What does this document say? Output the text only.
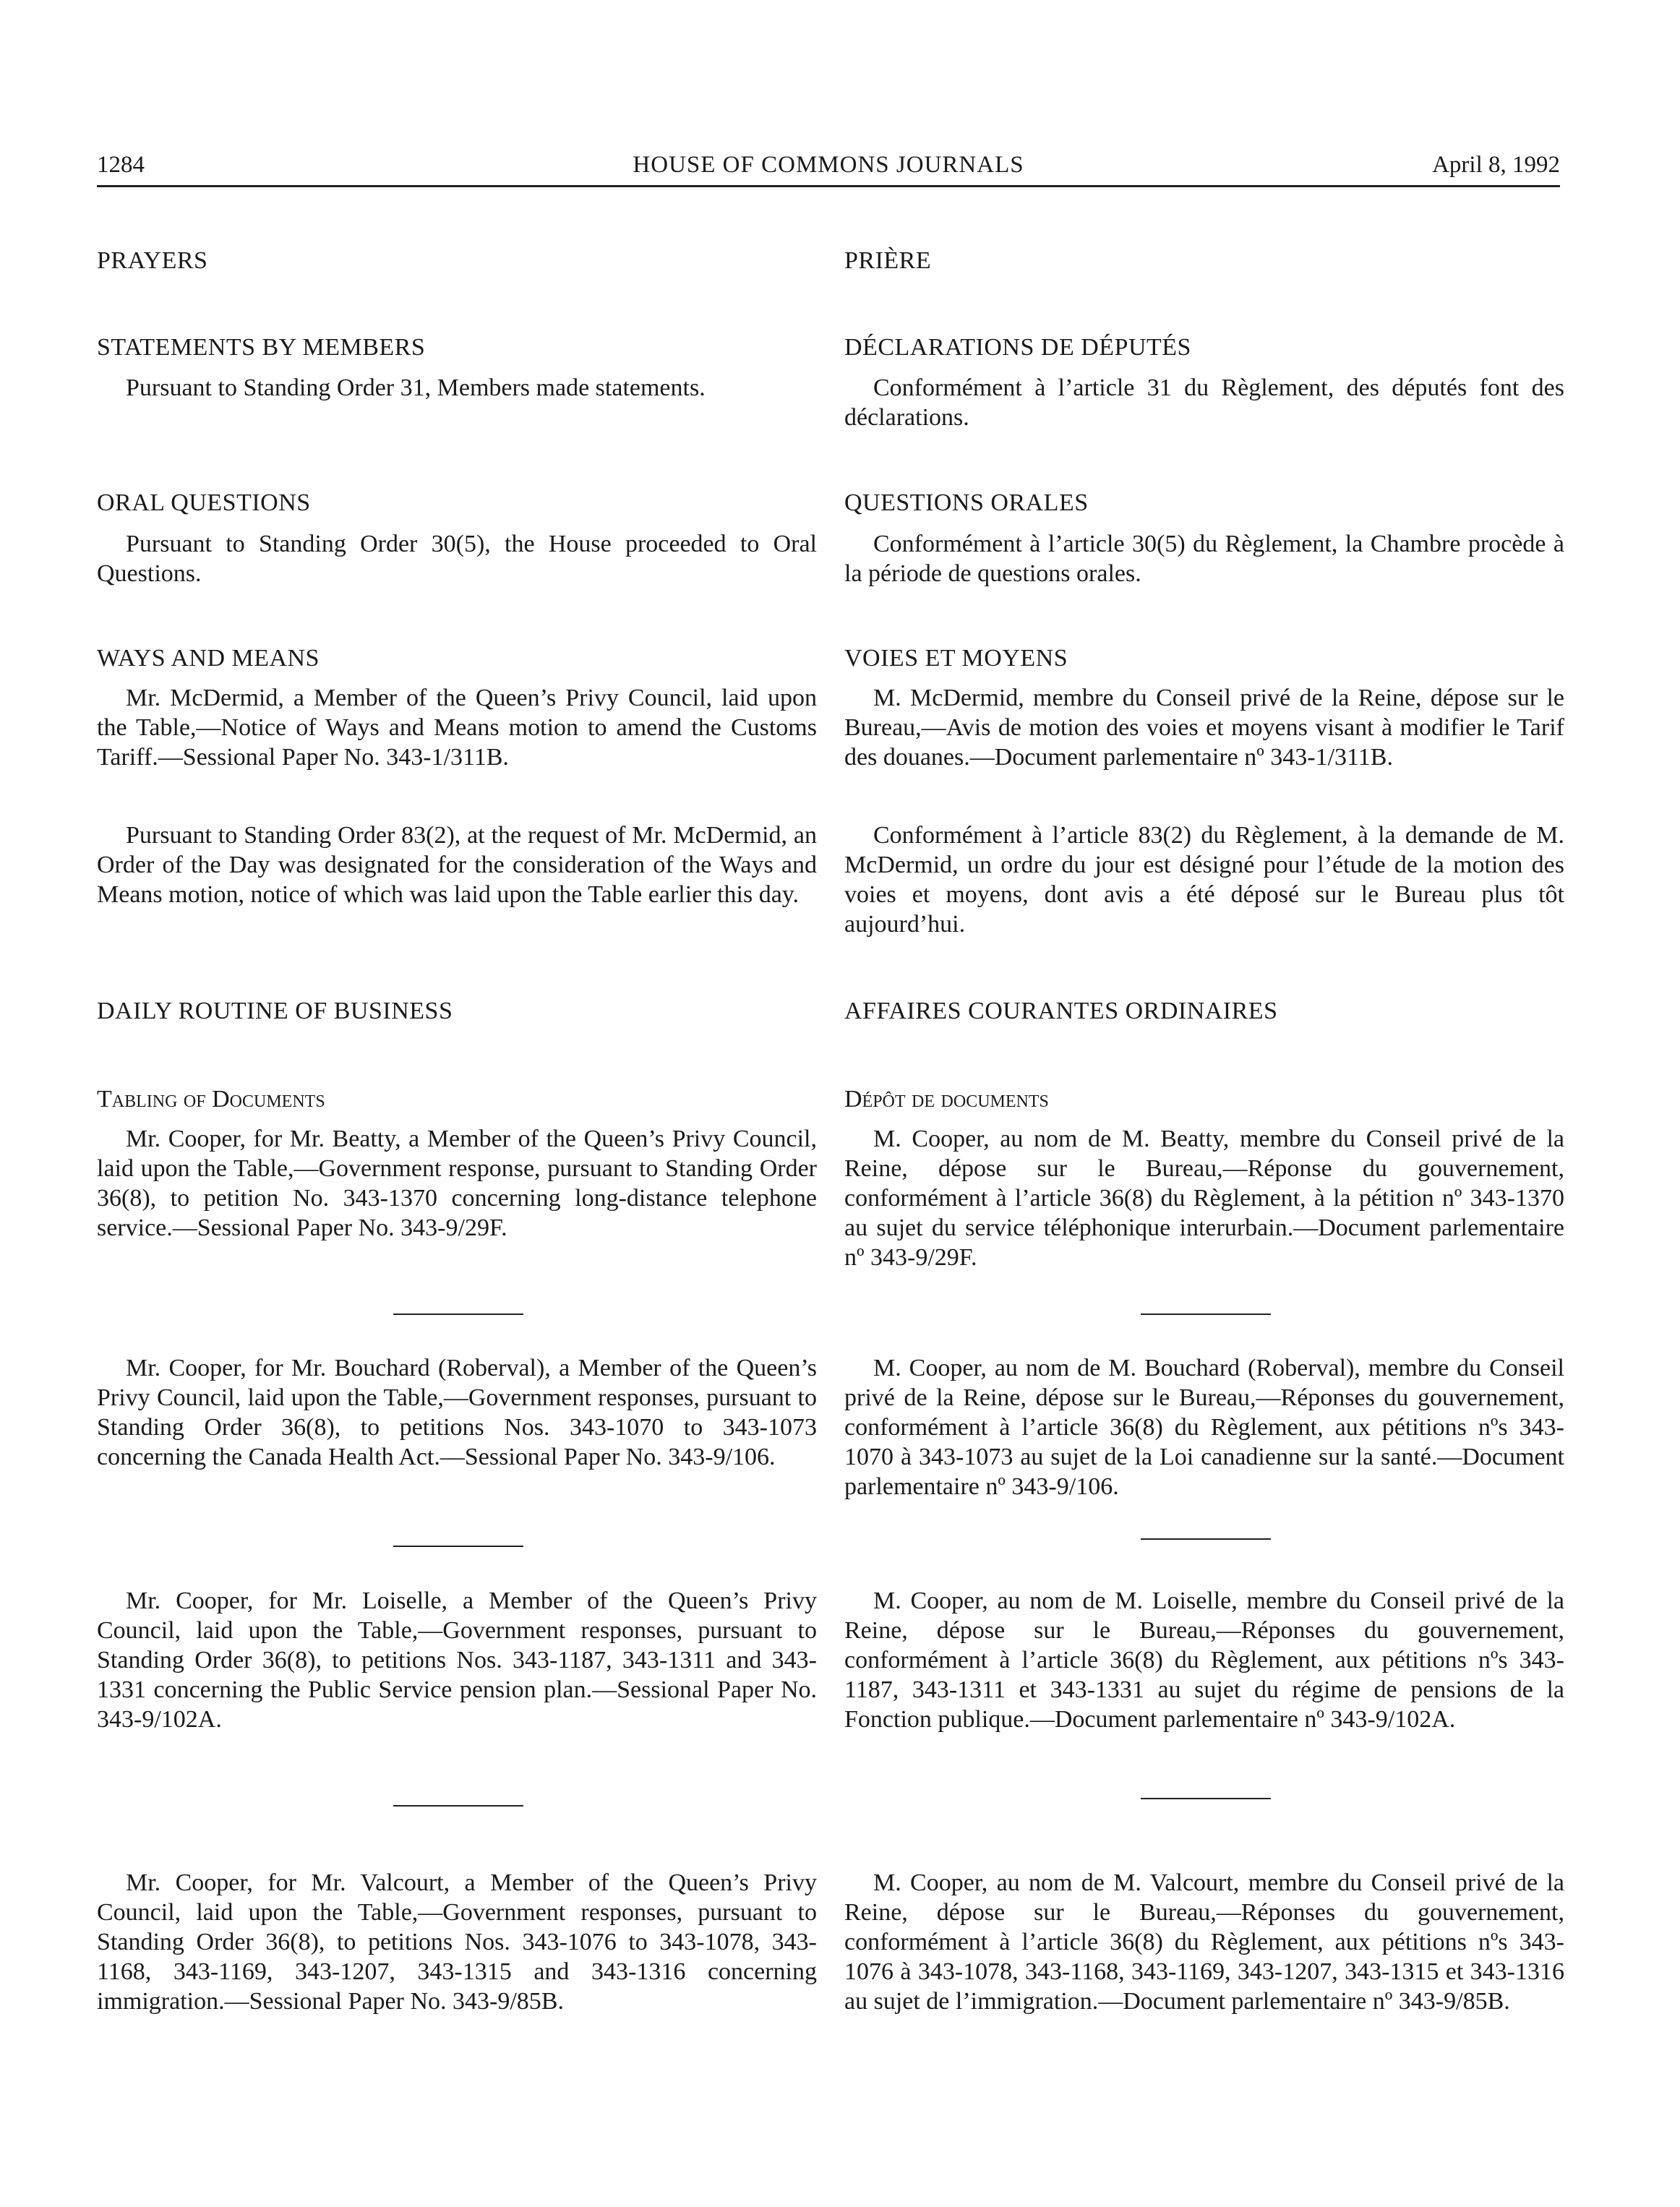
1284	HOUSE OF COMMONS JOURNALS	April 8, 1992
PRAYERS
STATEMENTS BY MEMBERS

Pursuant to Standing Order 31, Members made statements.

ORAL QUESTIONS

Pursuant to Standing Order 30(5), the House proceeded to Oral Questions.

WAYS AND MEANS

Mr. McDermid, a Member of the Queen’s Privy Council, laid upon the Table,—Notice of Ways and Means motion to amend the Customs Tariff.—Sessional Paper No. 343-1/311B.

Pursuant to Standing Order 83(2), at the request of Mr. McDermid, an Order of the Day was designated for the consideration of the Ways and Means motion, notice of which was laid upon the Table earlier this day.

DAILY ROUTINE OF BUSINESS
Tabling of Documents

Mr. Cooper, for Mr. Beatty, a Member of the Queen’s Privy Council, laid upon the Table,—Government response, pursuant to Standing Order 36(8), to petition No. 343-1370 concerning long-distance telephone service.—Sessional Paper No. 343-9/29F.

Mr. Cooper, for Mr. Bouchard (Roberval), a Member of the Queen’s Privy Council, laid upon the Table,—Government responses, pursuant to Standing Order 36(8), to petitions Nos. 343-1070 to 343-1073 concerning the Canada Health Act.—Sessional Paper No. 343-9/106.

Mr. Cooper, for Mr. Loiselle, a Member of the Queen’s Privy Council, laid upon the Table,—Government responses, pursuant to Standing Order 36(8), to petitions Nos. 343-1187, 343-1311 and 343-1331 concerning the Public Service pension plan.—Sessional Paper No. 343-9/102A.

Mr. Cooper, for Mr. Valcourt, a Member of the Queen’s Privy Council, laid upon the Table,—Government responses, pursuant to Standing Order 36(8), to petitions Nos. 343-1076 to 343-1078, 343-1168, 343-1169, 343-1207, 343-1315 and 343-1316 concerning immigration.—Sessional Paper No. 343-9/85B.

PRIÈRE
DÉCLARATIONS DE DÉPUTÉS

Conformément à l’article 31 du Règlement, des députés font des déclarations.

QUESTIONS ORALES

Conformément à l’article 30(5) du Règlement, la Chambre procède à la période de questions orales.

VOIES ET MOYENS

M. McDermid, membre du Conseil privé de la Reine, dépose sur le Bureau,—Avis de motion des voies et moyens visant à modifier le Tarif des douanes.—Document parlementaire nº 343-1/311B.

Conformément à l’article 83(2) du Règlement, à la demande de M. McDermid, un ordre du jour est désigné pour l’étude de la motion des voies et moyens, dont avis a été déposé sur le Bureau plus tôt aujourd’hui.

AFFAIRES COURANTES ORDINAIRES
Dépôt de documents

M. Cooper, au nom de M. Beatty, membre du Conseil privé de la Reine, dépose sur le Bureau,—Réponse du gouvernement, conformément à l’article 36(8) du Règlement, à la pétition nº 343-1370 au sujet du service téléphonique interurbain.—Document parlementaire nº 343-9/29F.

M. Cooper, au nom de M. Bouchard (Roberval), membre du Conseil privé de la Reine, dépose sur le Bureau,—Réponses du gouvernement, conformément à l’article 36(8) du Règlement, aux pétitions nºs 343-1070 à 343-1073 au sujet de la Loi canadienne sur la santé.—Document parlementaire nº 343-9/106.

M. Cooper, au nom de M. Loiselle, membre du Conseil privé de la Reine, dépose sur le Bureau,—Réponses du gouvernement, conformément à l’article 36(8) du Règlement, aux pétitions nºs 343-1187, 343-1311 et 343-1331 au sujet du régime de pensions de la Fonction publique.—Document parlementaire nº 343-9/102A.

M. Cooper, au nom de M. Valcourt, membre du Conseil privé de la Reine, dépose sur le Bureau,—Réponses du gouvernement, conformément à l’article 36(8) du Règlement, aux pétitions nºs 343-1076 à 343-1078, 343-1168, 343-1169, 343-1207, 343-1315 et 343-1316 au sujet de l’immigration.—Document parlementaire nº 343-9/85B.
